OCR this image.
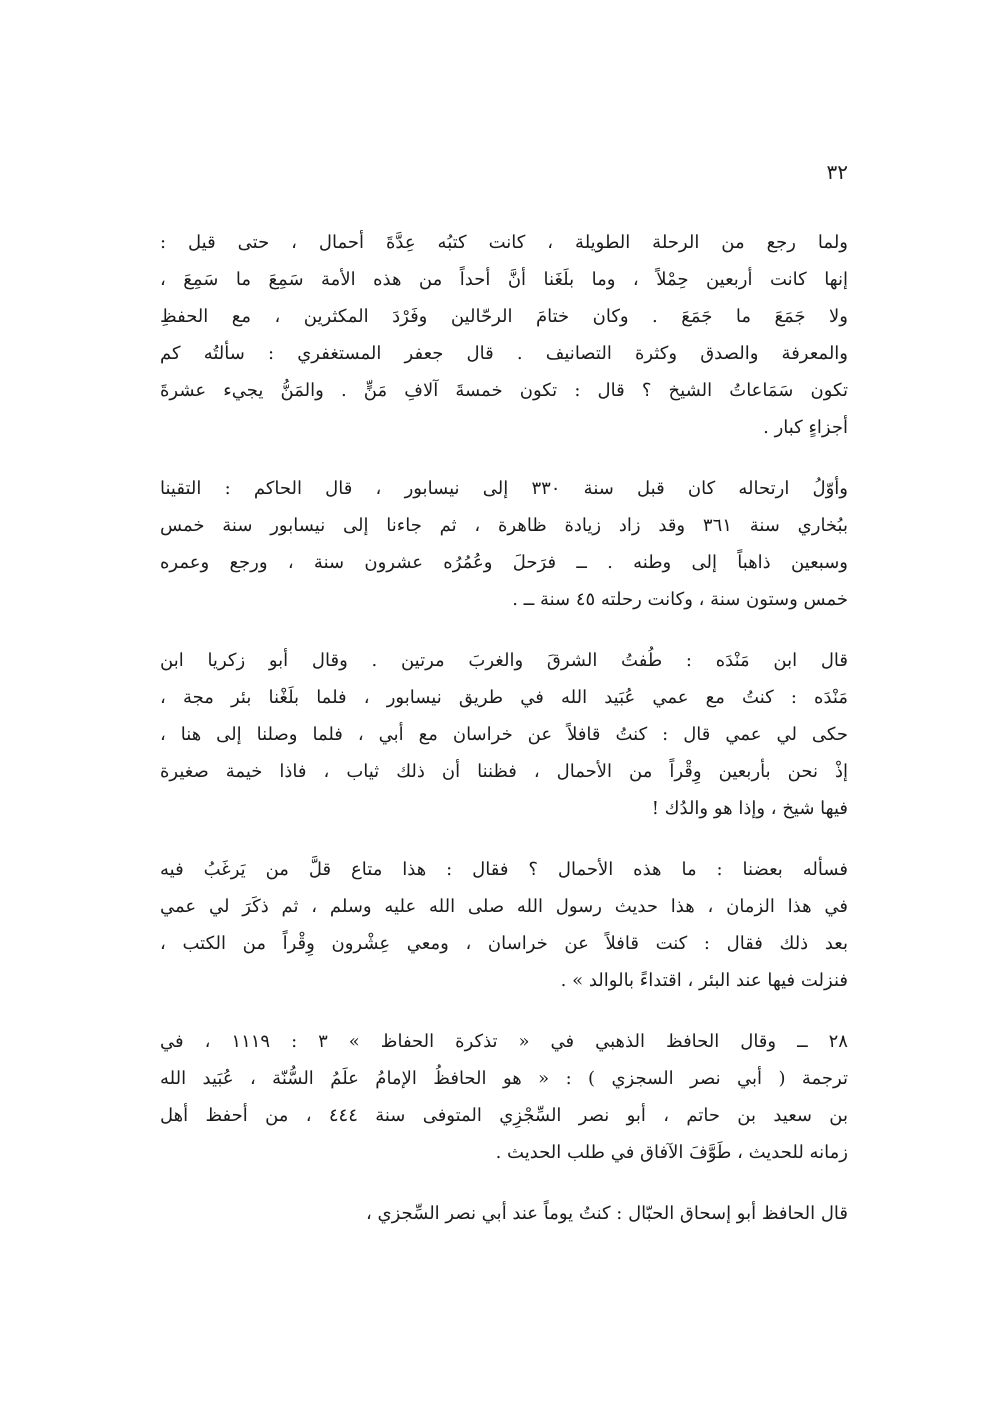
٣٢
ولما رجع من الرحلة الطويلة ، كانت كتبُه عِدَّةَ أحمال ، حتى قيل :
إنها كانت أربعين حِمْلاً ، وما بلَغَنا أنَّ أحداً من هذه الأمة سَمِعَ ما سَمِعَ ،
ولا جَمَعَ ما جَمَعَ . وكان ختامَ الرحّالين وفَرْدَ المكثرين ، مع الحفظِ
والمعرفة والصدق وكثرة التصانيف . قال جعفر المستغفري : سألتُه كم
تكون سَمَاعاتُ الشيخ ؟ قال : تكون خمسةَ آلافِ مَنٍّ . والمَنُّ يجيء عشرةَ
أجزاءٍ كبار .
وأوّلُ ارتحاله كان قبل سنة ٣٣٠ إلى نيسابور ، قال الحاكم : التقينا
ببُخاري سنة ٣٦١ وقد زاد زيادة ظاهرة ، ثم جاءنا إلى نيسابور سنة خمس
وسبعين ذاهباً إلى وطنه . ــ فرَحلَ وعُمُرُه عشرون سنة ، ورجع وعمره
خمس وستون سنة ، وكانت رحلته ٤٥ سنة ــ .
قال ابن مَنْدَه : طُفتُ الشرقَ والغربَ مرتين . وقال أبو زكريا ابن
مَنْدَه : كنتُ مع عمي عُبَيد الله في طريق نيسابور ، فلما بلَغْنا بئر مجة ،
حكى لي عمي قال : كنتُ قافلاً عن خراسان مع أبي ، فلما وصلنا إلى هنا ،
إذْ نحن بأربعين وِقْراً من الأحمال ، فظننا أن ذلك ثياب ، فاذا خيمة صغيرة
فيها شيخ ، وإذا هو والدُك !
فسأله بعضنا : ما هذه الأحمال ؟ فقال : هذا متاع قلَّ من يَرغَبُ فيه
في هذا الزمان ، هذا حديث رسول الله صلى الله عليه وسلم ، ثم ذكَرَ لي عمي
بعد ذلك فقال : كنت قافلاً عن خراسان ، ومعي عِشْرون وِقْراً من الكتب ،
فنزلت فيها عند البئر ، اقتداءً بالوالد » .
٢٨ ــ وقال الحافظ الذهبي في « تذكرة الحفاظ » ٣ : ١١١٩ ، في
ترجمة ( أبي نصر السجزي ) : « هو الحافظُ الإمامُ علَمُ السُّنّة ، عُبَيد الله
بن سعيد بن حاتم ، أبو نصر السِّجْزِي المتوفى سنة ٤٤٤ ، من أحفظ أهل
زمانه للحديث ، طَوَّفَ الآفاق في طلب الحديث .
قال الحافظ أبو إسحاق الحبّال : كنتُ يوماً عند أبي نصر السِّجزي ،
